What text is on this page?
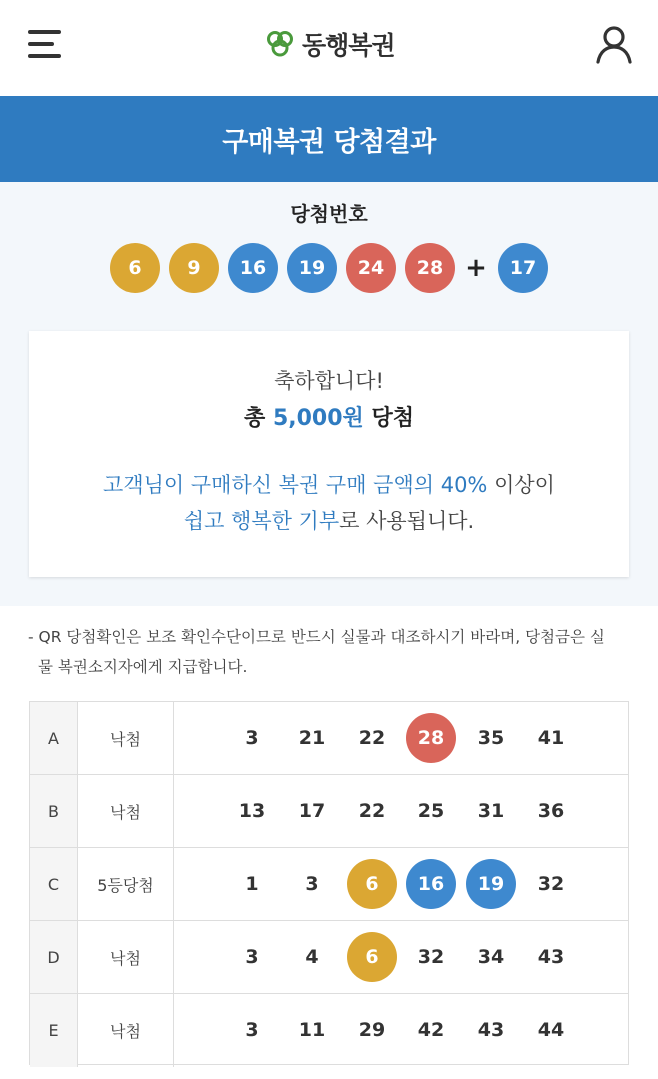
동행복권
구매복권 당첨결과
당첨번호
6	9	16	19	24	28 +	17
축하합니다!
총 5,000원 당첨
고객님이 구매하신 복권 구매 금액의 40% 이상이
쉽고 행복한 기부로 사용됩니다.
- QR 당첨확인은 보조 확인수단이므로 반드시 실물과 대조하시기 바라며, 당첨금은 실
물 복권소지자에게 지급합니다.
A	낙첨	3	21	22	28	35	41
B	낙첨	13	17	22	25	31	36
C	5등당첨	1	3	6	16	19	32
D	낙첨	3	4	6	32	34	43
E	낙첨	3	11	29	42	43	44
